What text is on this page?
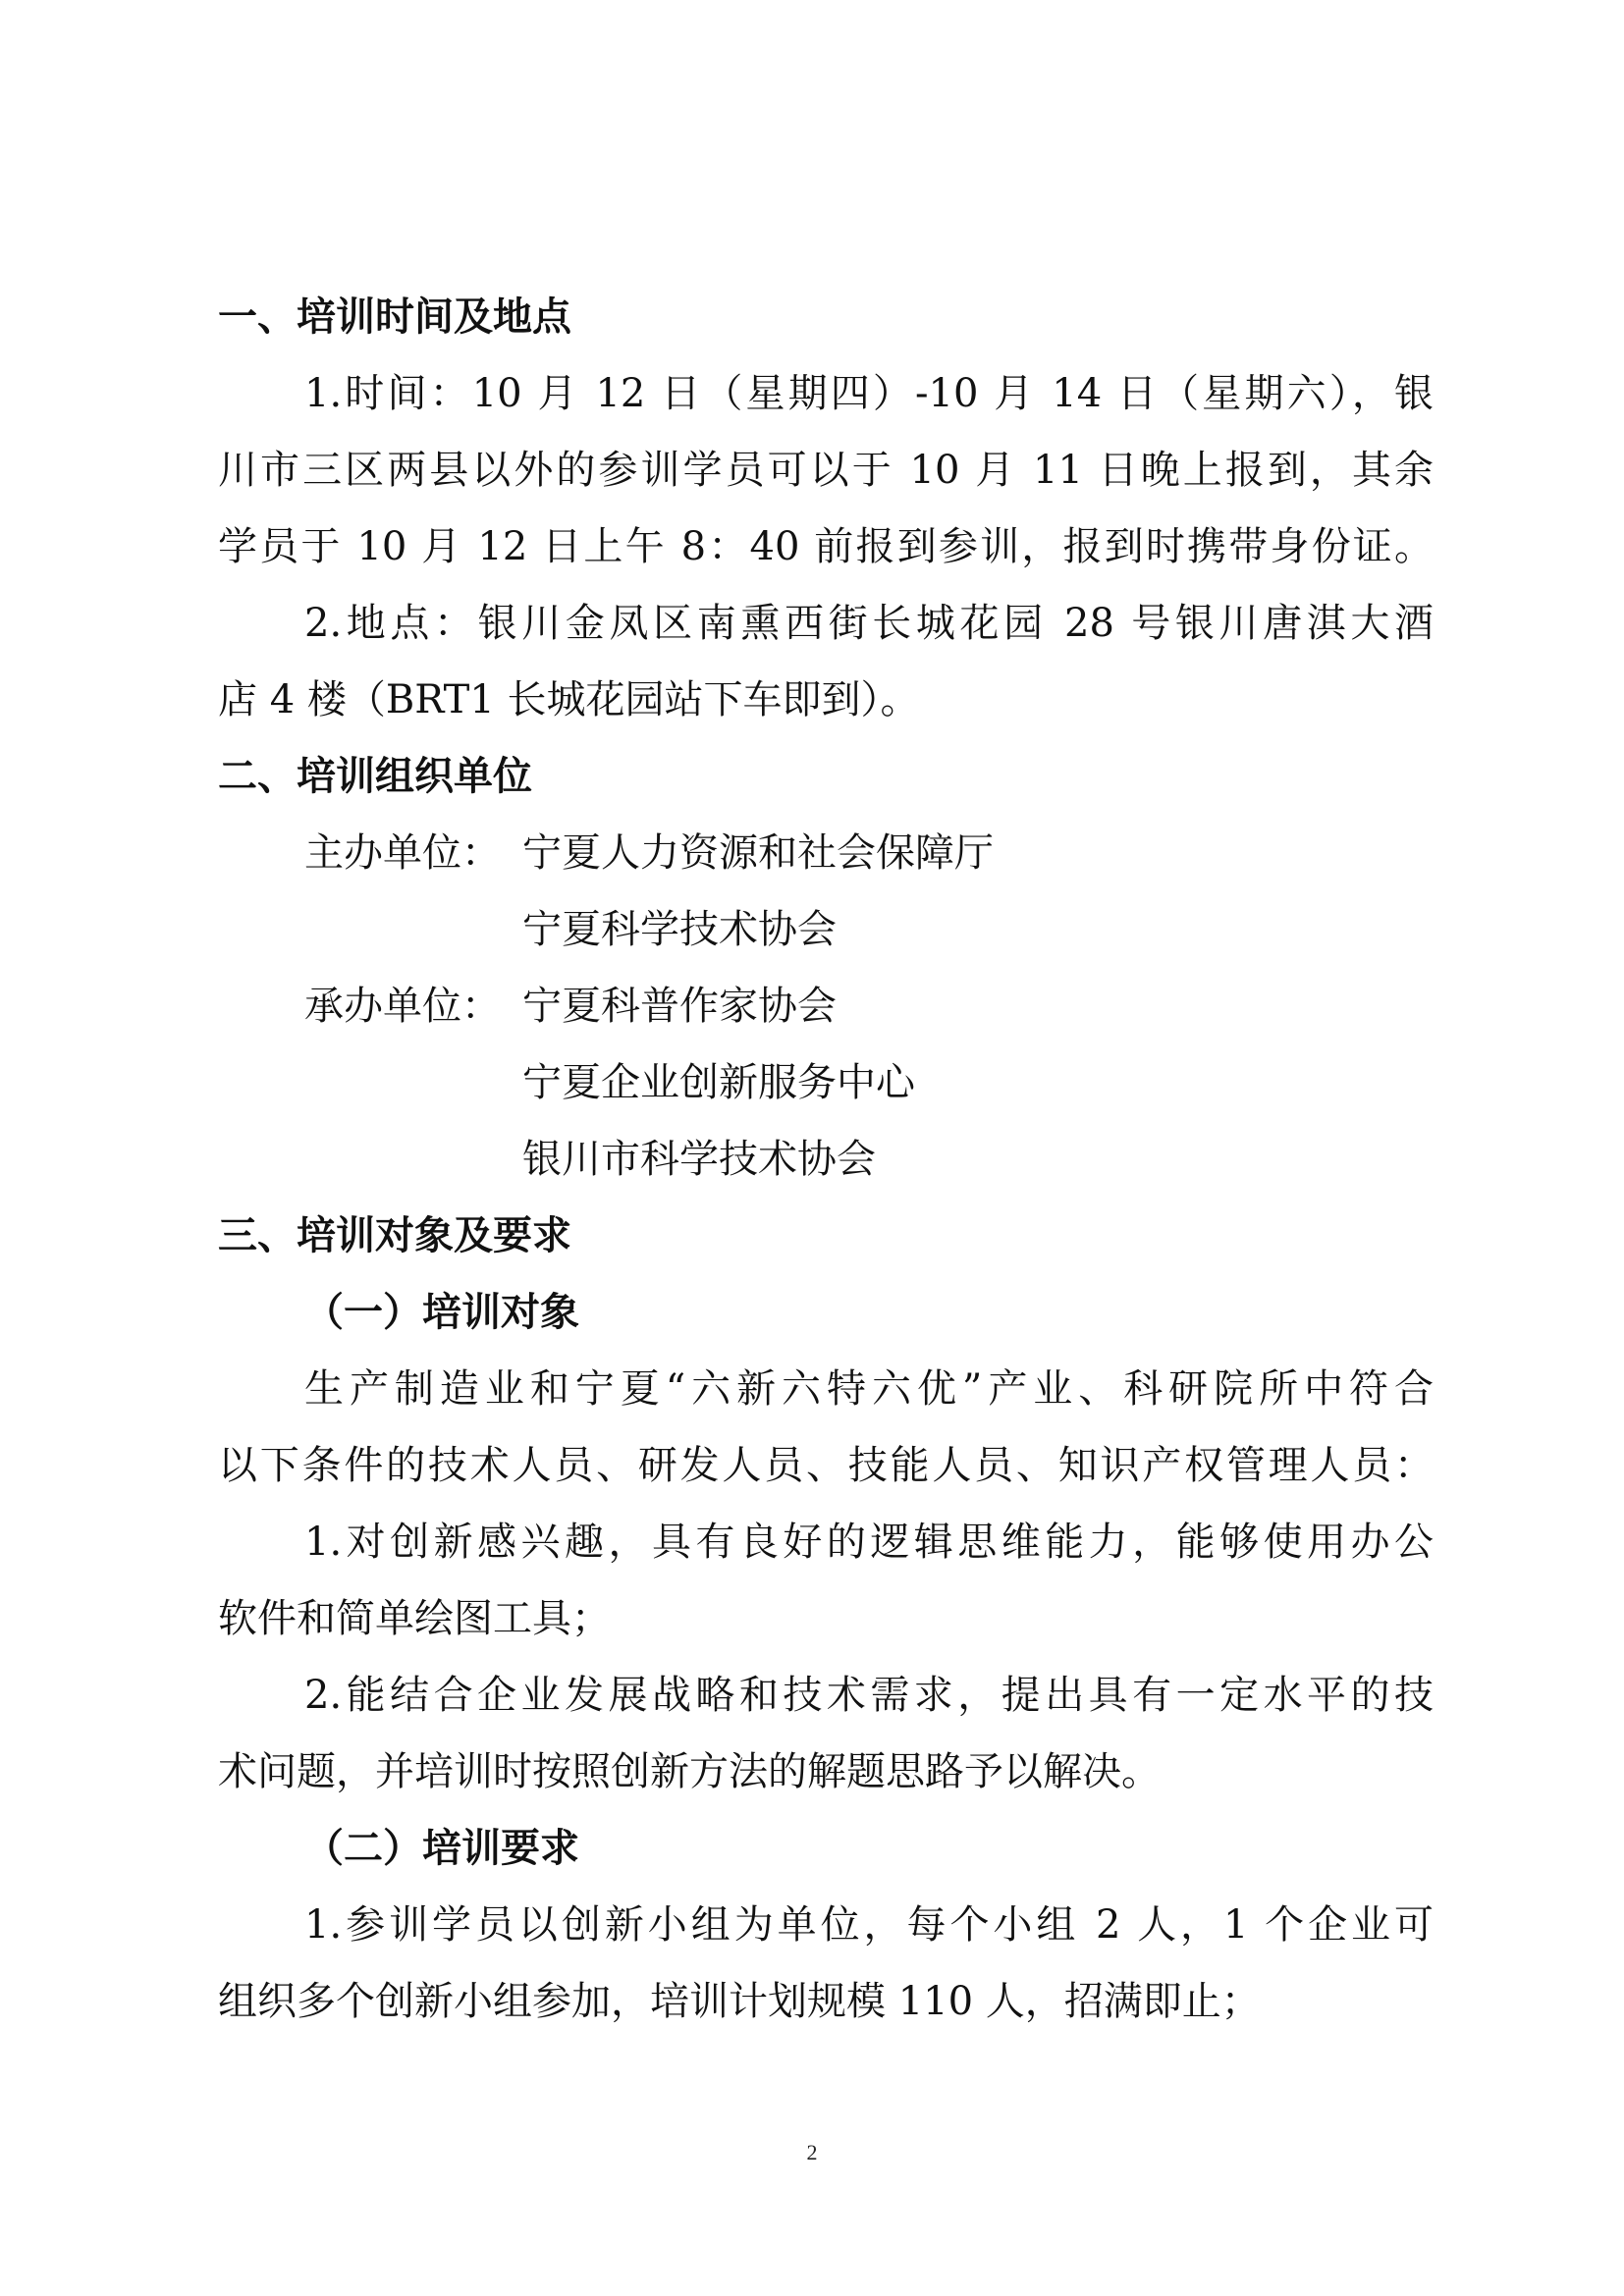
一、培训时间及地点
1.时间：10 月 12 日（星期四）-10 月 14 日（星期六），银
川市三区两县以外的参训学员可以于 10 月 11 日晚上报到，其余
学员于 10 月 12 日上午 8：40 前报到参训，报到时携带身份证。
2.地点：银川金凤区南熏西街长城花园 28 号银川唐淇大酒
店 4 楼（BRT1 长城花园站下车即到）。
二、培训组织单位
主办单位： 宁夏人力资源和社会保障厅
宁夏科学技术协会
承办单位： 宁夏科普作家协会
宁夏企业创新服务中心
银川市科学技术协会
三、培训对象及要求
（一）培训对象
生产制造业和宁夏“六新六特六优”产业、科研院所中符合
以下条件的技术人员、研发人员、技能人员、知识产权管理人员：
1.对创新感兴趣，具有良好的逻辑思维能力，能够使用办公
软件和简单绘图工具；
2.能结合企业发展战略和技术需求，提出具有一定水平的技
术问题，并培训时按照创新方法的解题思路予以解决。
（二）培训要求
1.参训学员以创新小组为单位，每个小组 2 人，1 个企业可
组织多个创新小组参加，培训计划规模 110 人，招满即止；
2
